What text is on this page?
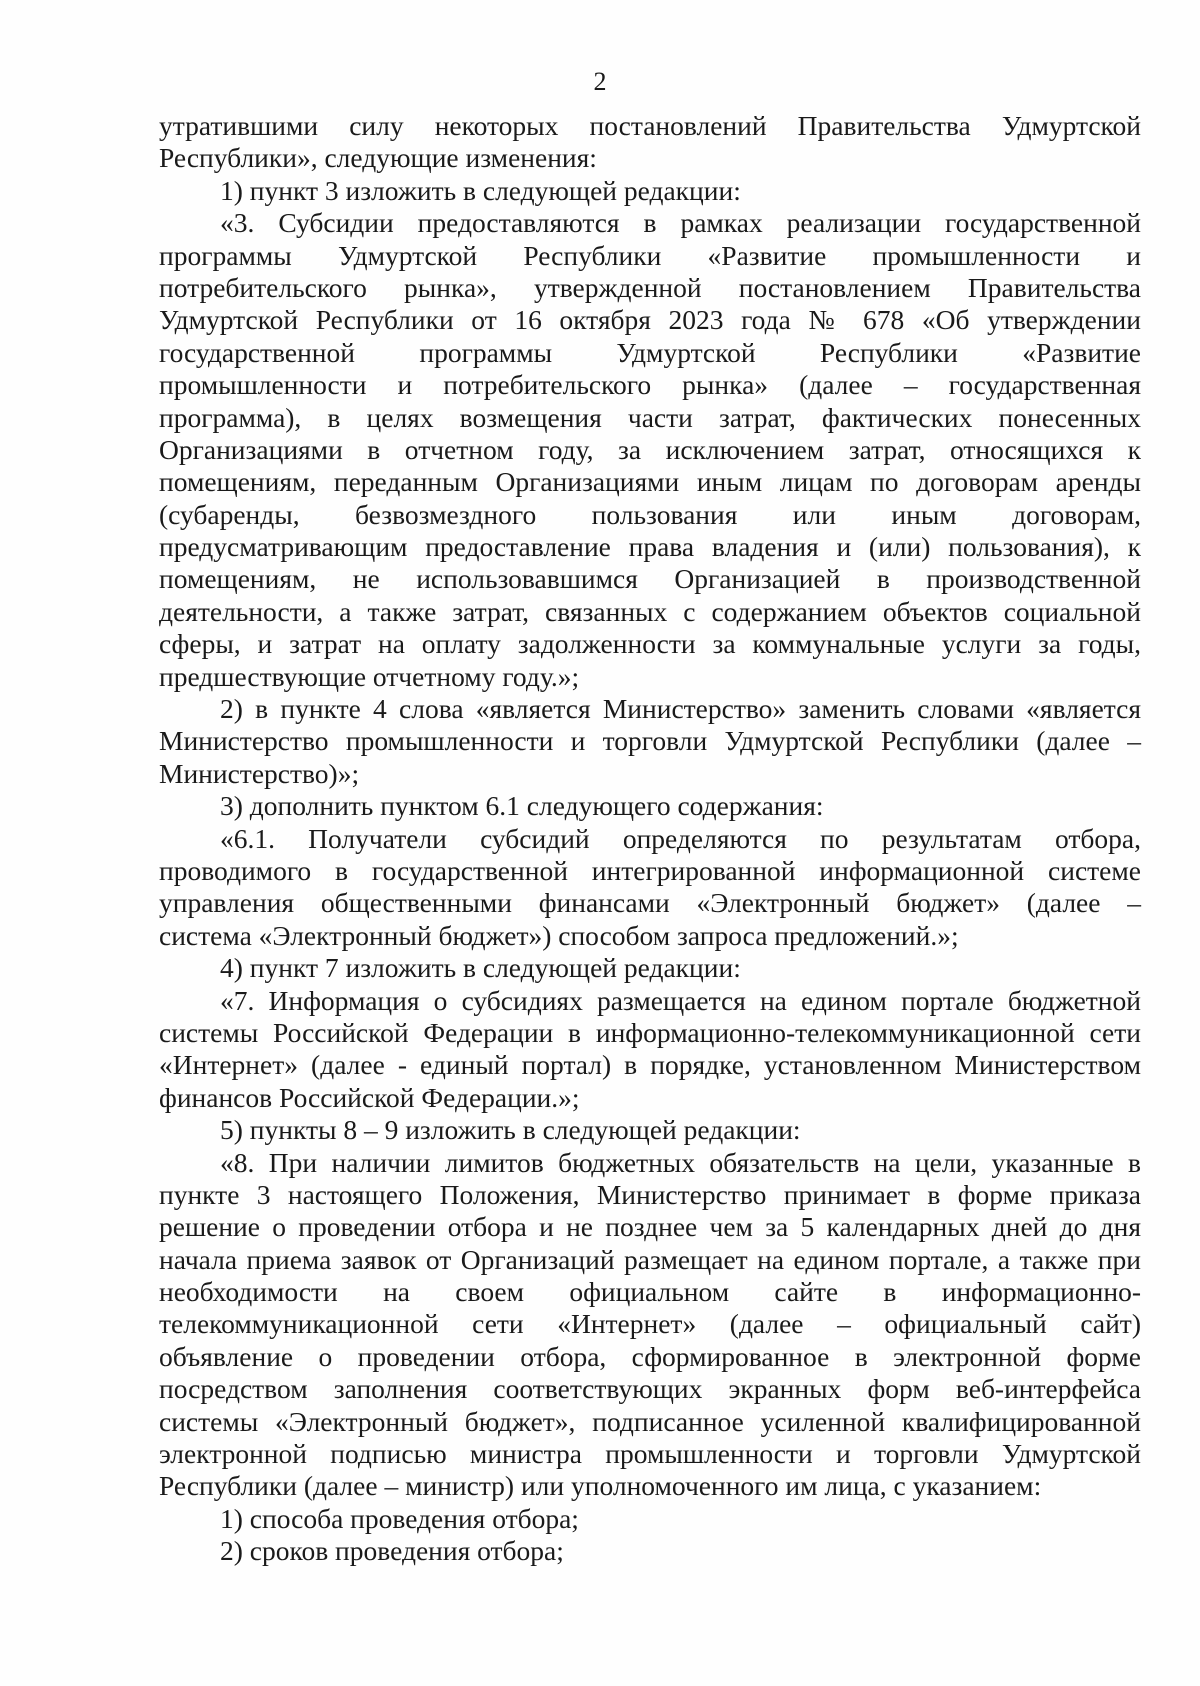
2
утратившими силу некоторых постановлений Правительства Удмуртской
Республики», следующие изменения:
1) пункт 3 изложить в следующей редакции:
«3. Субсидии предоставляются в рамках реализации государственной
программы Удмуртской Республики «Развитие промышленности и
потребительского рынка», утвержденной постановлением Правительства
Удмуртской Республики от 16 октября 2023 года № 678 «Об утверждении
государственной программы Удмуртской Республики «Развитие
промышленности и потребительского рынка» (далее – государственная
программа), в целях возмещения части затрат, фактических понесенных
Организациями в отчетном году, за исключением затрат, относящихся к
помещениям, переданным Организациями иным лицам по договорам аренды
(субаренды, безвозмездного пользования или иным договорам,
предусматривающим предоставление права владения и (или) пользования), к
помещениям, не использовавшимся Организацией в производственной
деятельности, а также затрат, связанных с содержанием объектов социальной
сферы, и затрат на оплату задолженности за коммунальные услуги за годы,
предшествующие отчетному году.»;
2) в пункте 4 слова «является Министерство» заменить словами «является
Министерство промышленности и торговли Удмуртской Республики (далее –
Министерство)»;
3) дополнить пунктом 6.1 следующего содержания:
«6.1. Получатели субсидий определяются по результатам отбора,
проводимого в государственной интегрированной информационной системе
управления общественными финансами «Электронный бюджет» (далее –
система «Электронный бюджет») способом запроса предложений.»;
4) пункт 7 изложить в следующей редакции:
«7. Информация о субсидиях размещается на едином портале бюджетной
системы Российской Федерации в информационно-телекоммуникационной сети
«Интернет» (далее - единый портал) в порядке, установленном Министерством
финансов Российской Федерации.»;
5) пункты 8 – 9 изложить в следующей редакции:
«8. При наличии лимитов бюджетных обязательств на цели, указанные в
пункте 3 настоящего Положения, Министерство принимает в форме приказа
решение о проведении отбора и не позднее чем за 5 календарных дней до дня
начала приема заявок от Организаций размещает на едином портале, а также при
необходимости на своем официальном сайте в информационно-
телекоммуникационной сети «Интернет» (далее – официальный сайт)
объявление о проведении отбора, сформированное в электронной форме
посредством заполнения соответствующих экранных форм веб-интерфейса
системы «Электронный бюджет», подписанное усиленной квалифицированной
электронной подписью министра промышленности и торговли Удмуртской
Республики (далее – министр) или уполномоченного им лица, с указанием:
1) способа проведения отбора;
2) сроков проведения отбора;
